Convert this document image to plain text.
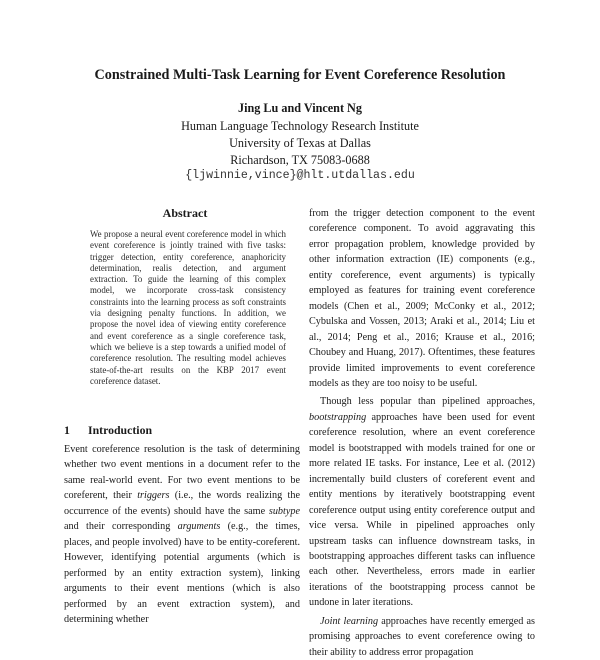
Constrained Multi-Task Learning for Event Coreference Resolution
Jing Lu and Vincent Ng
Human Language Technology Research Institute
University of Texas at Dallas
Richardson, TX 75083-0688
{ljwinnie,vince}@hlt.utdallas.edu
Abstract
We propose a neural event coreference model in which event coreference is jointly trained with five tasks: trigger detection, entity coreference, anaphoricity determination, realis detection, and argument extraction. To guide the learning of this complex model, we incorporate cross-task consistency constraints into the learning process as soft constraints via designing penalty functions. In addition, we propose the novel idea of viewing entity coreference and event coreference as a single coreference task, which we believe is a step towards a unified model of coreference resolution. The resulting model achieves state-of-the-art results on the KBP 2017 event coreference dataset.
1 Introduction

Event coreference resolution is the task of determining whether two event mentions in a document refer to the same real-world event. For two event mentions to be coreferent, their triggers (i.e., the words realizing the occurrence of the events) should have the same subtype and their corresponding arguments (e.g., the times, places, and people involved) have to be entity-coreferent. However, identifying potential arguments (which is performed by an entity extraction system), linking arguments to their event mentions (which is also performed by an event extraction system), and determining whether

from the trigger detection component to the event coreference component. To avoid aggravating this error propagation problem, knowledge provided by other information extraction (IE) components (e.g., entity coreference, event arguments) is typically employed as features for training event coreference models (Chen et al., 2009; McConky et al., 2012; Cybulska and Vossen, 2013; Araki et al., 2014; Liu et al., 2014; Peng et al., 2016; Krause et al., 2016; Choubey and Huang, 2017). Oftentimes, these features provide limited improvements to event coreference models as they are too noisy to be useful.

Though less popular than pipelined approaches, bootstrapping approaches have been used for event coreference resolution, where an event coreference model is bootstrapped with models trained for one or more related IE tasks. For instance, Lee et al. (2012) incrementally build clusters of coreferent event and entity mentions by iteratively bootstrapping event coreference output using entity coreference output and vice versa. While in pipelined approaches only upstream tasks can influence downstream tasks, in bootstrapping approaches different tasks can influence each other. Nevertheless, errors made in earlier iterations of the bootstrapping process cannot be undone in later iterations.

Joint learning approaches have recently emerged as promising approaches to event coreference owing to their ability to address error propagation
